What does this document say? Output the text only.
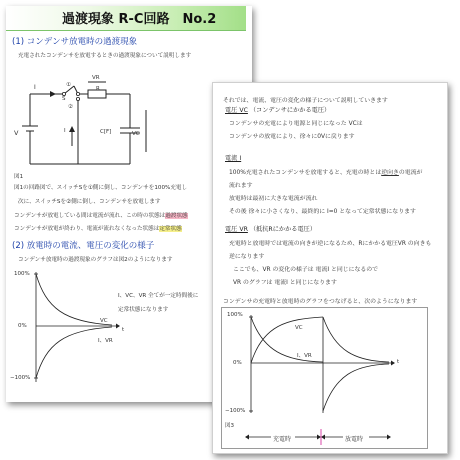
過渡現象 R-C回路　No.2
(1) コンデンサ放電時の過渡現象
充電されたコンデンサを放電するときの過渡現象について説明します
I	①
②
S
VR
R
V	I	C[F]	VC
図1
図1の回路図で、スイッチSを①側に倒し、コンデンサを100%充電し
次に、スイッチSを②側に倒し、コンデンサを放電します
コンデンサが放電している間は電流が流れ、この時の状態は過渡状態
コンデンサが放電が終わり、電流が流れなくなった状態は定常状態
(2) 放電時の電流、電圧の変化の様子
コンデンサ放電時の過渡現象のグラフは図2のようになります
100%
0%
−100%
VC
I、VR
t
I、VC、VR 全てが一定時間後に
定常状態になります
それでは、電流、電圧の変化の様子について説明していきます
電圧 VC （コンデンサにかかる電圧）
コンデンサの充電により電源と同じになった VCは
コンデンサの放電により、徐々に0Vに戻ります
電流 I
100%充電されたコンデンサを放電すると、充電の時とは逆向きの電流が
流れます
放電時は最初に大きな電流が流れ
その後 徐々に小さくなり、最終的に I=0 となって定常状態になります
電圧 VR （抵抗Rにかかる電圧）
充電時と放電時では電流の向きが逆になるため、Rにかかる電圧VR の向きも
逆になります
ここでも、VR の変化の様子は 電流I と同じになるので
VR のグラフは 電流I と同じになります
コンデンサの充電時と放電時のグラフをつなげると、次のようになります
100%
0%
−100%
VC
I、VR
t
図3
充電時	放電時
